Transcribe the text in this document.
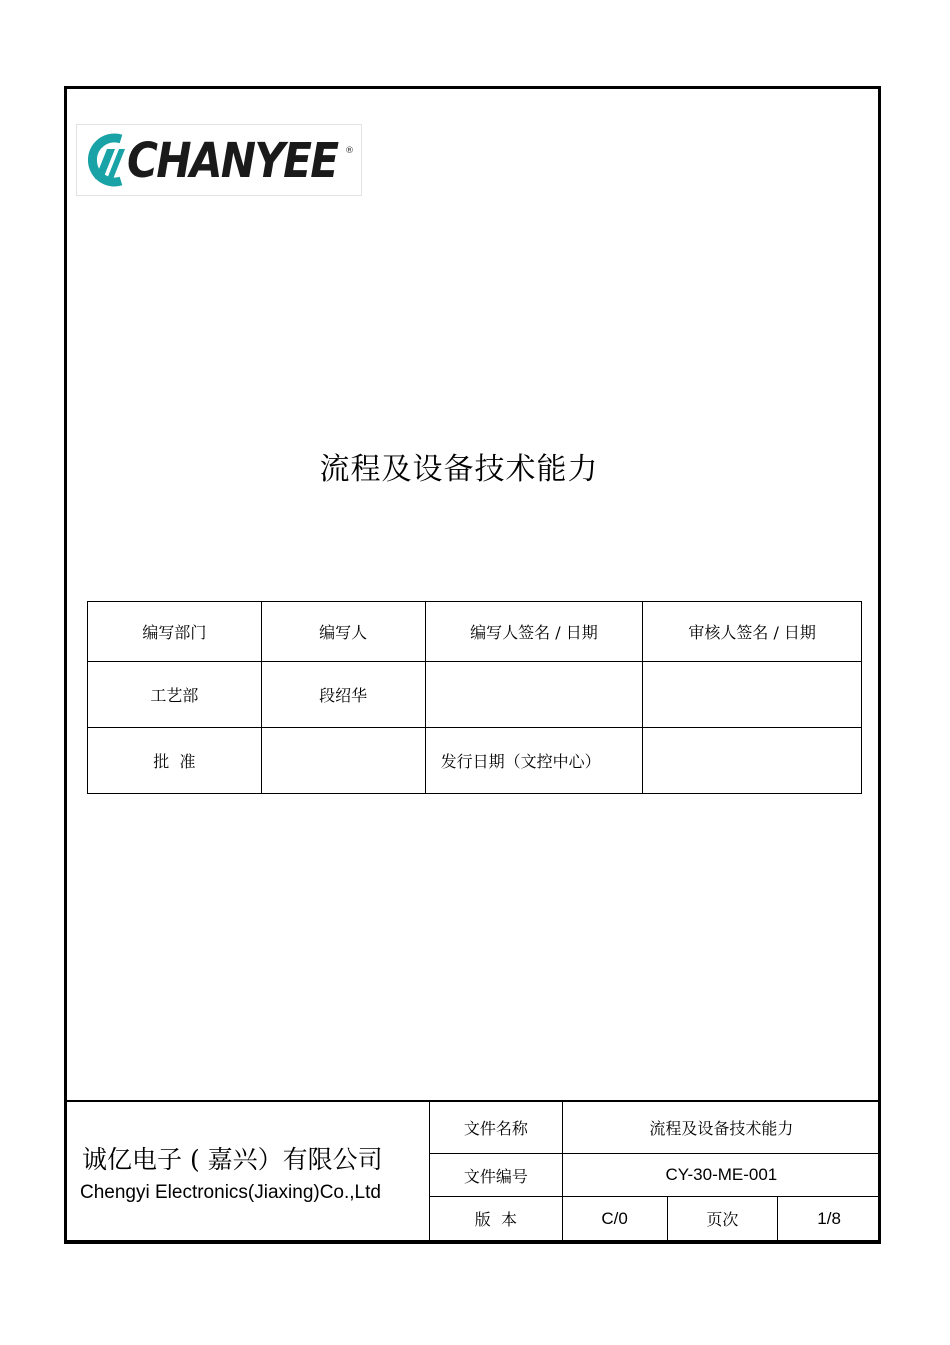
CHANYEE ®
流程及设备技术能力
编写部门	编写人	编写人签名 / 日期	审核人签名 / 日期
工艺部	段绍华		
批  准		发行日期（文控中心）	
诚亿电子 ( 嘉兴）有限公司
Chengyi Electronics(Jiaxing)Co.,Ltd
文件名称	流程及设备技术能力		
文件编号	CY-30-ME-001		
版  本	C/0	页次	1/8
